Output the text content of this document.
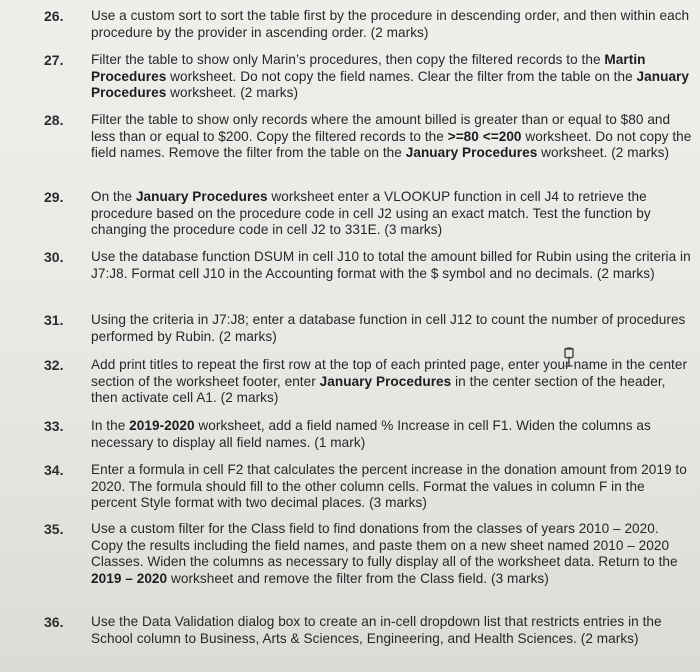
26. Use a custom sort to sort the table first by the procedure in descending order, and then within each procedure by the provider in ascending order. (2 marks)
27. Filter the table to show only Marin’s procedures, then copy the filtered records to the Martin Procedures worksheet. Do not copy the field names. Clear the filter from the table on the January Procedures worksheet. (2 marks)
28. Filter the table to show only records where the amount billed is greater than or equal to $80 and less than or equal to $200. Copy the filtered records to the >=80 <=200 worksheet. Do not copy the field names. Remove the filter from the table on the January Procedures worksheet. (2 marks)
29. On the January Procedures worksheet enter a VLOOKUP function in cell J4 to retrieve the procedure based on the procedure code in cell J2 using an exact match. Test the function by changing the procedure code in cell J2 to 331E. (3 marks)
30. Use the database function DSUM in cell J10 to total the amount billed for Rubin using the criteria in J7:J8. Format cell J10 in the Accounting format with the $ symbol and no decimals. (2 marks)
31. Using the criteria in J7:J8; enter a database function in cell J12 to count the number of procedures performed by Rubin. (2 marks)
32. Add print titles to repeat the first row at the top of each printed page, enter your name in the center section of the worksheet footer, enter January Procedures in the center section of the header, then activate cell A1. (2 marks)
33. In the 2019-2020 worksheet, add a field named % Increase in cell F1. Widen the columns as necessary to display all field names. (1 mark)
34. Enter a formula in cell F2 that calculates the percent increase in the donation amount from 2019 to 2020. The formula should fill to the other column cells. Format the values in column F in the percent Style format with two decimal places. (3 marks)
35. Use a custom filter for the Class field to find donations from the classes of years 2010 – 2020. Copy the results including the field names, and paste them on a new sheet named 2010 – 2020 Classes. Widen the columns as necessary to fully display all of the worksheet data. Return to the 2019 – 2020 worksheet and remove the filter from the Class field. (3 marks)
36. Use the Data Validation dialog box to create an in-cell dropdown list that restricts entries in the School column to Business, Arts & Sciences, Engineering, and Health Sciences. (2 marks)
